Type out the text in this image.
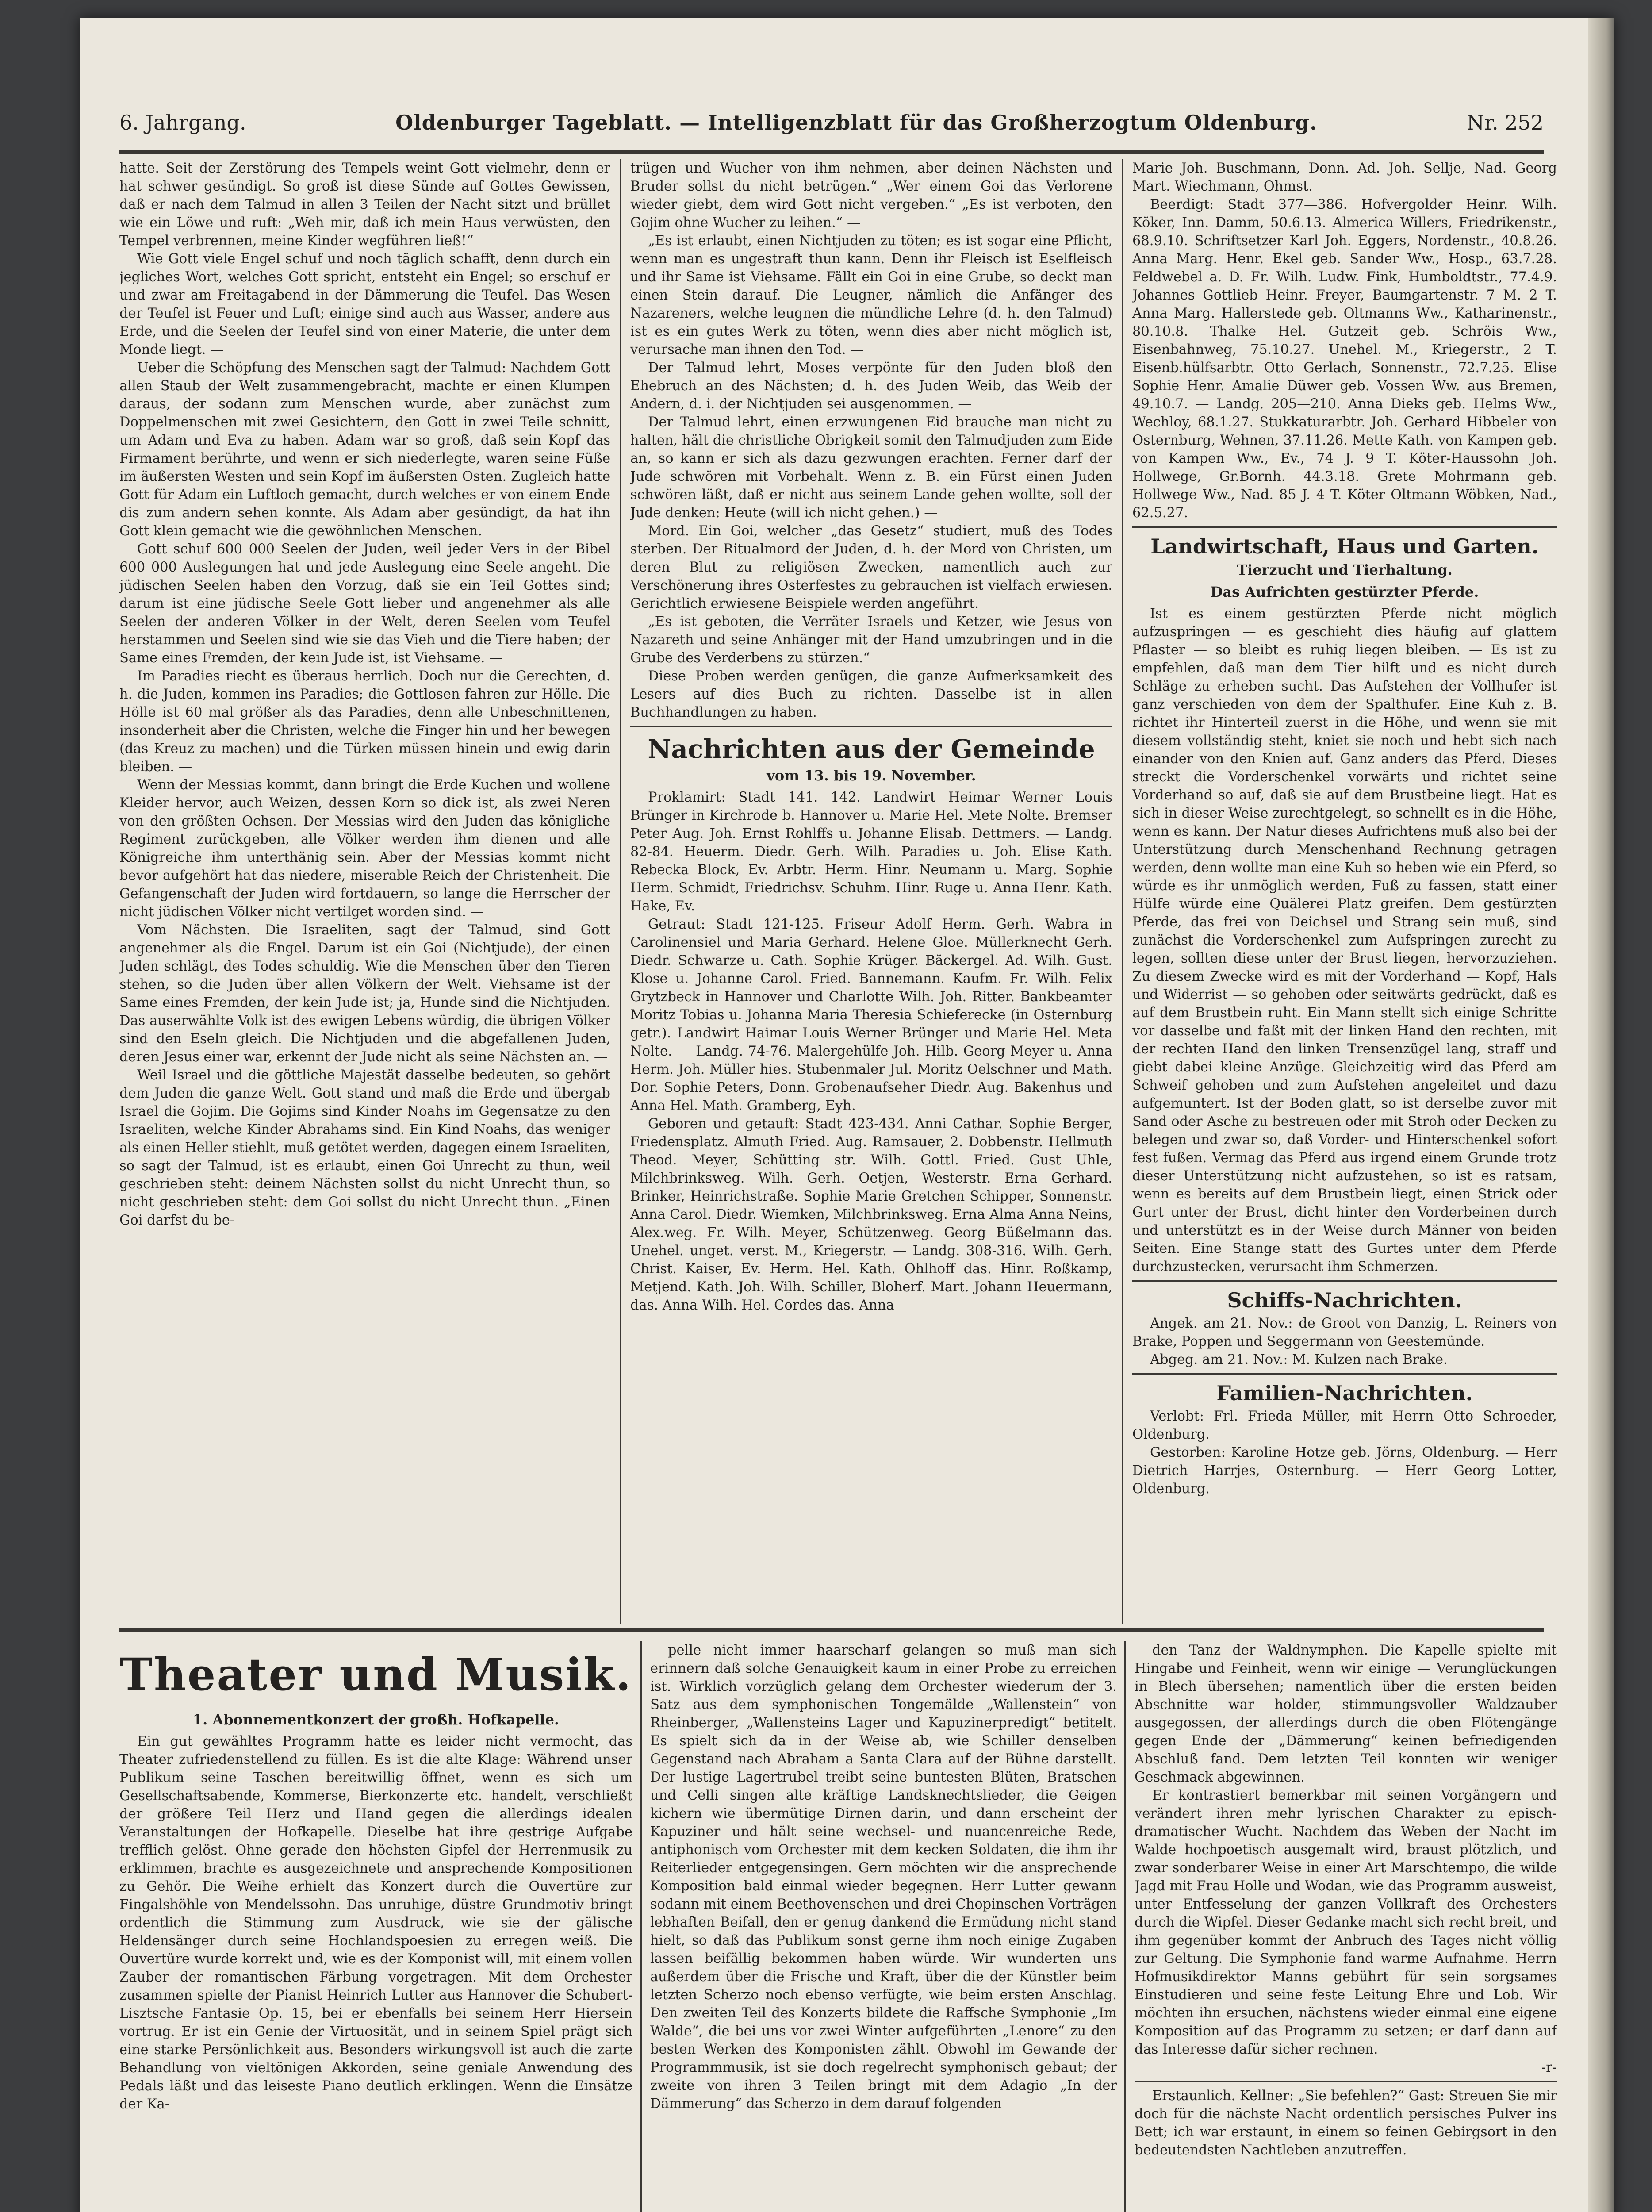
6. Jahrgang.	Oldenburger Tageblatt. — Intelligenzblatt für das Großherzogtum Oldenburg.	Nr. 252

hatte. Seit der Zerstörung des Tempels weint Gott vielmehr, denn er hat schwer gesündigt. So groß ist diese Sünde auf Gottes Gewissen, daß er nach dem Talmud in allen 3 Teilen der Nacht sitzt und brüllet wie ein Löwe und ruft: „Weh mir, daß ich mein Haus verwüsten, den Tempel verbrennen, meine Kinder wegführen ließ!“

Wie Gott viele Engel schuf und noch täglich schafft, denn durch ein jegliches Wort, welches Gott spricht, entsteht ein Engel; so erschuf er und zwar am Freitagabend in der Dämmerung die Teufel. Das Wesen der Teufel ist Feuer und Luft; einige sind auch aus Wasser, andere aus Erde, und die Seelen der Teufel sind von einer Materie, die unter dem Monde liegt. —

Ueber die Schöpfung des Menschen sagt der Talmud: Nachdem Gott allen Staub der Welt zusammengebracht, machte er einen Klumpen daraus, der sodann zum Menschen wurde, aber zunächst zum Doppelmenschen mit zwei Gesichtern, den Gott in zwei Teile schnitt, um Adam und Eva zu haben. Adam war so groß, daß sein Kopf das Firmament berührte, und wenn er sich niederlegte, waren seine Füße im äußersten Westen und sein Kopf im äußersten Osten. Zugleich hatte Gott für Adam ein Luftloch gemacht, durch welches er von einem Ende dis zum andern sehen konnte. Als Adam aber gesündigt, da hat ihn Gott klein gemacht wie die gewöhnlichen Menschen.

Gott schuf 600 000 Seelen der Juden, weil jeder Vers in der Bibel 600 000 Auslegungen hat und jede Auslegung eine Seele angeht. Die jüdischen Seelen haben den Vorzug, daß sie ein Teil Gottes sind; darum ist eine jüdische Seele Gott lieber und angenehmer als alle Seelen der anderen Völker in der Welt, deren Seelen vom Teufel herstammen und Seelen sind wie sie das Vieh und die Tiere haben; der Same eines Fremden, der kein Jude ist, ist Viehsame. —

Im Paradies riecht es überaus herrlich. Doch nur die Gerechten, d. h. die Juden, kommen ins Paradies; die Gottlosen fahren zur Hölle. Die Hölle ist 60 mal größer als das Paradies, denn alle Unbeschnittenen, insonderheit aber die Christen, welche die Finger hin und her bewegen (das Kreuz zu machen) und die Türken müssen hinein und ewig darin bleiben. —

Wenn der Messias kommt, dann bringt die Erde Kuchen und wollene Kleider hervor, auch Weizen, dessen Korn so dick ist, als zwei Neren von den größten Ochsen. Der Messias wird den Juden das königliche Regiment zurückgeben, alle Völker werden ihm dienen und alle Königreiche ihm unterthänig sein. Aber der Messias kommt nicht bevor aufgehört hat das niedere, miserable Reich der Christenheit. Die Gefangenschaft der Juden wird fortdauern, so lange die Herrscher der nicht jüdischen Völker nicht vertilget worden sind. —

Vom Nächsten. Die Israeliten, sagt der Talmud, sind Gott angenehmer als die Engel. Darum ist ein Goi (Nichtjude), der einen Juden schlägt, des Todes schuldig. Wie die Menschen über den Tieren stehen, so die Juden über allen Völkern der Welt. Viehsame ist der Same eines Fremden, der kein Jude ist; ja, Hunde sind die Nichtjuden. Das auserwählte Volk ist des ewigen Lebens würdig, die übrigen Völker sind den Eseln gleich. Die Nichtjuden und die abgefallenen Juden, deren Jesus einer war, erkennt der Jude nicht als seine Nächsten an. —

Weil Israel und die göttliche Majestät dasselbe bedeuten, so gehört dem Juden die ganze Welt. Gott stand und maß die Erde und übergab Israel die Gojim. Die Gojims sind Kinder Noahs im Gegensatze zu den Israeliten, welche Kinder Abrahams sind. Ein Kind Noahs, das weniger als einen Heller stiehlt, muß getötet werden, dagegen einem Israeliten, so sagt der Talmud, ist es erlaubt, einen Goi Unrecht zu thun, weil geschrieben steht: deinem Nächsten sollst du nicht Unrecht thun, so nicht geschrieben steht: dem Goi sollst du nicht Unrecht thun. „Einen Goi darfst du be-

trügen und Wucher von ihm nehmen, aber deinen Nächsten und Bruder sollst du nicht betrügen.“ „Wer einem Goi das Verlorene wieder giebt, dem wird Gott nicht vergeben.“ „Es ist verboten, den Gojim ohne Wucher zu leihen.“ —

„Es ist erlaubt, einen Nichtjuden zu töten; es ist sogar eine Pflicht, wenn man es ungestraft thun kann. Denn ihr Fleisch ist Eselfleisch und ihr Same ist Viehsame. Fällt ein Goi in eine Grube, so deckt man einen Stein darauf. Die Leugner, nämlich die Anfänger des Nazareners, welche leugnen die mündliche Lehre (d. h. den Talmud) ist es ein gutes Werk zu töten, wenn dies aber nicht möglich ist, verursache man ihnen den Tod. —

Der Talmud lehrt, Moses verpönte für den Juden bloß den Ehebruch an des Nächsten; d. h. des Juden Weib, das Weib der Andern, d. i. der Nichtjuden sei ausgenommen. —

Der Talmud lehrt, einen erzwungenen Eid brauche man nicht zu halten, hält die christliche Obrigkeit somit den Talmudjuden zum Eide an, so kann er sich als dazu gezwungen erachten. Ferner darf der Jude schwören mit Vorbehalt. Wenn z. B. ein Fürst einen Juden schwören läßt, daß er nicht aus seinem Lande gehen wollte, soll der Jude denken: Heute (will ich nicht gehen.) —

Mord. Ein Goi, welcher „das Gesetz“ studiert, muß des Todes sterben. Der Ritualmord der Juden, d. h. der Mord von Christen, um deren Blut zu religiösen Zwecken, namentlich auch zur Verschönerung ihres Osterfestes zu gebrauchen ist vielfach erwiesen. Gerichtlich erwiesene Beispiele werden angeführt.

„Es ist geboten, die Verräter Israels und Ketzer, wie Jesus von Nazareth und seine Anhänger mit der Hand umzubringen und in die Grube des Verderbens zu stürzen.“

Diese Proben werden genügen, die ganze Aufmerksamkeit des Lesers auf dies Buch zu richten. Dasselbe ist in allen Buchhandlungen zu haben.

Nachrichten aus der Gemeinde
vom 13. bis 19. November.

Proklamirt: Stadt 141. 142. Landwirt Heimar Werner Louis Brünger in Kirchrode b. Hannover u. Marie Hel. Mete Nolte. Bremser Peter Aug. Joh. Ernst Rohlffs u. Johanne Elisab. Dettmers. — Landg. 82-84. Heuerm. Diedr. Gerh. Wilh. Paradies u. Joh. Elise Kath. Rebecka Block, Ev. Arbtr. Herm. Hinr. Neumann u. Marg. Sophie Herm. Schmidt, Friedrichsv. Schuhm. Hinr. Ruge u. Anna Henr. Kath. Hake, Ev.

Getraut: Stadt 121-125. Friseur Adolf Herm. Gerh. Wabra in Carolinensiel und Maria Gerhard. Helene Gloe. Müllerknecht Gerh. Diedr. Schwarze u. Cath. Sophie Krüger. Bäckergel. Ad. Wilh. Gust. Klose u. Johanne Carol. Fried. Bannemann. Kaufm. Fr. Wilh. Felix Grytzbeck in Hannover und Charlotte Wilh. Joh. Ritter. Bankbeamter Moritz Tobias u. Johanna Maria Theresia Schieferecke (in Osternburg getr.). Landwirt Haimar Louis Werner Brünger und Marie Hel. Meta Nolte. — Landg. 74-76. Malergehülfe Joh. Hilb. Georg Meyer u. Anna Herm. Joh. Müller hies. Stubenmaler Jul. Moritz Oelschner und Math. Dor. Sophie Peters, Donn. Grobenaufseher Diedr. Aug. Bakenhus und Anna Hel. Math. Gramberg, Eyh.

Geboren und getauft: Stadt 423-434. Anni Cathar. Sophie Berger, Friedensplatz. Almuth Fried. Aug. Ramsauer, 2. Dobbenstr. Hellmuth Theod. Meyer, Schütting str. Wilh. Gottl. Fried. Gust Uhle, Milchbrinksweg. Wilh. Gerh. Oetjen, Westerstr. Erna Gerhard. Brinker, Heinrichstraße. Sophie Marie Gretchen Schipper, Sonnenstr. Anna Carol. Diedr. Wiemken, Milchbrinksweg. Erna Alma Anna Neins, Alex.weg. Fr. Wilh. Meyer, Schützenweg. Georg Büßelmann das. Unehel. unget. verst. M., Kriegerstr. — Landg. 308-316. Wilh. Gerh. Christ. Kaiser, Ev. Herm. Hel. Kath. Ohlhoff das. Hinr. Roßkamp, Metjend. Kath. Joh. Wilh. Schiller, Bloherf. Mart. Johann Heuermann, das. Anna Wilh. Hel. Cordes das. Anna

Marie Joh. Buschmann, Donn. Ad. Joh. Sellje, Nad. Georg Mart. Wiechmann, Ohmst.

Beerdigt: Stadt 377—386. Hofvergolder Heinr. Wilh. Köker, Inn. Damm, 50.6.13. Almerica Willers, Friedrikenstr., 68.9.10. Schriftsetzer Karl Joh. Eggers, Nordenstr., 40.8.26. Anna Marg. Henr. Ekel geb. Sander Ww., Hosp., 63.7.28. Feldwebel a. D. Fr. Wilh. Ludw. Fink, Humboldtstr., 77.4.9. Johannes Gottlieb Heinr. Freyer, Baumgartenstr. 7 M. 2 T. Anna Marg. Hallerstede geb. Oltmanns Ww., Katharinenstr., 80.10.8. Thalke Hel. Gutzeit geb. Schröis Ww., Eisenbahnweg, 75.10.27. Unehel. M., Kriegerstr., 2 T. Eisenb.hülfsarbtr. Otto Gerlach, Sonnenstr., 72.7.25. Elise Sophie Henr. Amalie Düwer geb. Vossen Ww. aus Bremen, 49.10.7. — Landg. 205—210. Anna Dieks geb. Helms Ww., Wechloy, 68.1.27. Stukkaturarbtr. Joh. Gerhard Hibbeler von Osternburg, Wehnen, 37.11.26. Mette Kath. von Kampen geb. von Kampen Ww., Ev., 74 J. 9 T. Köter-Haussohn Joh. Hollwege, Gr.Bornh. 44.3.18. Grete Mohrmann geb. Hollwege Ww., Nad. 85 J. 4 T. Köter Oltmann Wöbken, Nad., 62.5.27.

Landwirtschaft, Haus und Garten.
Tierzucht und Tierhaltung.
Das Aufrichten gestürzter Pferde.

Ist es einem gestürzten Pferde nicht möglich aufzuspringen — es geschieht dies häufig auf glattem Pflaster — so bleibt es ruhig liegen bleiben. — Es ist zu empfehlen, daß man dem Tier hilft und es nicht durch Schläge zu erheben sucht. Das Aufstehen der Vollhufer ist ganz verschieden von dem der Spalthufer. Eine Kuh z. B. richtet ihr Hinterteil zuerst in die Höhe, und wenn sie mit diesem vollständig steht, kniet sie noch und hebt sich nach einander von den Knien auf. Ganz anders das Pferd. Dieses streckt die Vorderschenkel vorwärts und richtet seine Vorderhand so auf, daß sie auf dem Brustbeine liegt. Hat es sich in dieser Weise zurechtgelegt, so schnellt es in die Höhe, wenn es kann. Der Natur dieses Aufrichtens muß also bei der Unterstützung durch Menschenhand Rechnung getragen werden, denn wollte man eine Kuh so heben wie ein Pferd, so würde es ihr unmöglich werden, Fuß zu fassen, statt einer Hülfe würde eine Quälerei Platz greifen. Dem gestürzten Pferde, das frei von Deichsel und Strang sein muß, sind zunächst die Vorderschenkel zum Aufspringen zurecht zu legen, sollten diese unter der Brust liegen, hervorzuziehen. Zu diesem Zwecke wird es mit der Vorderhand — Kopf, Hals und Widerrist — so gehoben oder seitwärts gedrückt, daß es auf dem Brustbein ruht. Ein Mann stellt sich einige Schritte vor dasselbe und faßt mit der linken Hand den rechten, mit der rechten Hand den linken Trensenzügel lang, straff und giebt dabei kleine Anzüge. Gleichzeitig wird das Pferd am Schweif gehoben und zum Aufstehen angeleitet und dazu aufgemuntert. Ist der Boden glatt, so ist derselbe zuvor mit Sand oder Asche zu bestreuen oder mit Stroh oder Decken zu belegen und zwar so, daß Vorder- und Hinterschenkel sofort fest fußen. Vermag das Pferd aus irgend einem Grunde trotz dieser Unterstützung nicht aufzustehen, so ist es ratsam, wenn es bereits auf dem Brustbein liegt, einen Strick oder Gurt unter der Brust, dicht hinter den Vorderbeinen durch und unterstützt es in der Weise durch Männer von beiden Seiten. Eine Stange statt des Gurtes unter dem Pferde durchzustecken, verursacht ihm Schmerzen.

Schiffs-Nachrichten.

Angek. am 21. Nov.: de Groot von Danzig, L. Reiners von Brake, Poppen und Seggermann von Geestemünde.

Abgeg. am 21. Nov.: M. Kulzen nach Brake.

Familien-Nachrichten.

Verlobt: Frl. Frieda Müller, mit Herrn Otto Schroeder, Oldenburg.

Gestorben: Karoline Hotze geb. Jörns, Oldenburg. — Herr Dietrich Harrjes, Osternburg. — Herr Georg Lotter, Oldenburg.

Theater und Musik.
1. Abonnementkonzert der großh. Hofkapelle.

Ein gut gewähltes Programm hatte es leider nicht vermocht, das Theater zufriedenstellend zu füllen. Es ist die alte Klage: Während unser Publikum seine Taschen bereitwillig öffnet, wenn es sich um Gesellschaftsabende, Kommerse, Bierkonzerte etc. handelt, verschließt der größere Teil Herz und Hand gegen die allerdings idealen Veranstaltungen der Hofkapelle. Dieselbe hat ihre gestrige Aufgabe trefflich gelöst. Ohne gerade den höchsten Gipfel der Herrenmusik zu erklimmen, brachte es ausgezeichnete und ansprechende Kompositionen zu Gehör. Die Weihe erhielt das Konzert durch die Ouvertüre zur Fingalshöhle von Mendelssohn. Das unruhige, düstre Grundmotiv bringt ordentlich die Stimmung zum Ausdruck, wie sie der gälische Heldensänger durch seine Hochlandspoesien zu erregen weiß. Die Ouvertüre wurde korrekt und, wie es der Komponist will, mit einem vollen Zauber der romantischen Färbung vorgetragen. Mit dem Orchester zusammen spielte der Pianist Heinrich Lutter aus Hannover die Schubert-Lisztsche Fantasie Op. 15, bei er ebenfalls bei seinem Herr Hiersein vortrug. Er ist ein Genie der Virtuosität, und in seinem Spiel prägt sich eine starke Persönlichkeit aus. Besonders wirkungsvoll ist auch die zarte Behandlung von vieltönigen Akkorden, seine geniale Anwendung des Pedals läßt und das leiseste Piano deutlich erklingen. Wenn die Einsätze der Ka-

pelle nicht immer haarscharf gelangen so muß man sich erinnern daß solche Genauigkeit kaum in einer Probe zu erreichen ist. Wirklich vorzüglich gelang dem Orchester wiederum der 3. Satz aus dem symphonischen Tongemälde „Wallenstein“ von Rheinberger, „Wallensteins Lager und Kapuzinerpredigt“ betitelt. Es spielt sich da in der Weise ab, wie Schiller denselben Gegenstand nach Abraham a Santa Clara auf der Bühne darstellt. Der lustige Lagertrubel treibt seine buntesten Blüten, Bratschen und Celli singen alte kräftige Landsknechtslieder, die Geigen kichern wie übermütige Dirnen darin, und dann erscheint der Kapuziner und hält seine wechsel- und nuancenreiche Rede, antiphonisch vom Orchester mit dem kecken Soldaten, die ihm ihr Reiterlieder entgegensingen. Gern möchten wir die ansprechende Komposition bald einmal wieder begegnen. Herr Lutter gewann sodann mit einem Beethovenschen und drei Chopinschen Vorträgen lebhaften Beifall, den er genug dankend die Ermüdung nicht stand hielt, so daß das Publikum sonst gerne ihm noch einige Zugaben lassen beifällig bekommen haben würde. Wir wunderten uns außerdem über die Frische und Kraft, über die der Künstler beim letzten Scherzo noch ebenso verfügte, wie beim ersten Anschlag. Den zweiten Teil des Konzerts bildete die Raffsche Symphonie „Im Walde“, die bei uns vor zwei Winter aufgeführten „Lenore“ zu den besten Werken des Komponisten zählt. Obwohl im Gewande der Programmmusik, ist sie doch regelrecht symphonisch gebaut; der zweite von ihren 3 Teilen bringt mit dem Adagio „In der Dämmerung“ das Scherzo in dem darauf folgenden

den Tanz der Waldnymphen. Die Kapelle spielte mit Hingabe und Feinheit, wenn wir einige — Verunglückungen in Blech übersehen; namentlich über die ersten beiden Abschnitte war holder, stimmungsvoller Waldzauber ausgegossen, der allerdings durch die oben Flötengänge gegen Ende der „Dämmerung“ keinen befriedigenden Abschluß fand. Dem letzten Teil konnten wir weniger Geschmack abgewinnen.

Er kontrastiert bemerkbar mit seinen Vorgängern und verändert ihren mehr lyrischen Charakter zu episch-dramatischer Wucht. Nachdem das Weben der Nacht im Walde hochpoetisch ausgemalt wird, braust plötzlich, und zwar sonderbarer Weise in einer Art Marschtempo, die wilde Jagd mit Frau Holle und Wodan, wie das Programm ausweist, unter Entfesselung der ganzen Vollkraft des Orchesters durch die Wipfel. Dieser Gedanke macht sich recht breit, und ihm gegenüber kommt der Anbruch des Tages nicht völlig zur Geltung. Die Symphonie fand warme Aufnahme. Herrn Hofmusikdirektor Manns gebührt für sein sorgsames Einstudieren und seine feste Leitung Ehre und Lob. Wir möchten ihn ersuchen, nächstens wieder einmal eine eigene Komposition auf das Programm zu setzen; er darf dann auf das Interesse dafür sicher rechnen.

-r-

Erstaunlich. Kellner: „Sie befehlen?“ Gast: Streuen Sie mir doch für die nächste Nacht ordentlich persisches Pulver ins Bett; ich war erstaunt, in einem so feinen Gebirgsort in den bedeutendsten Nachtleben anzutreffen.
